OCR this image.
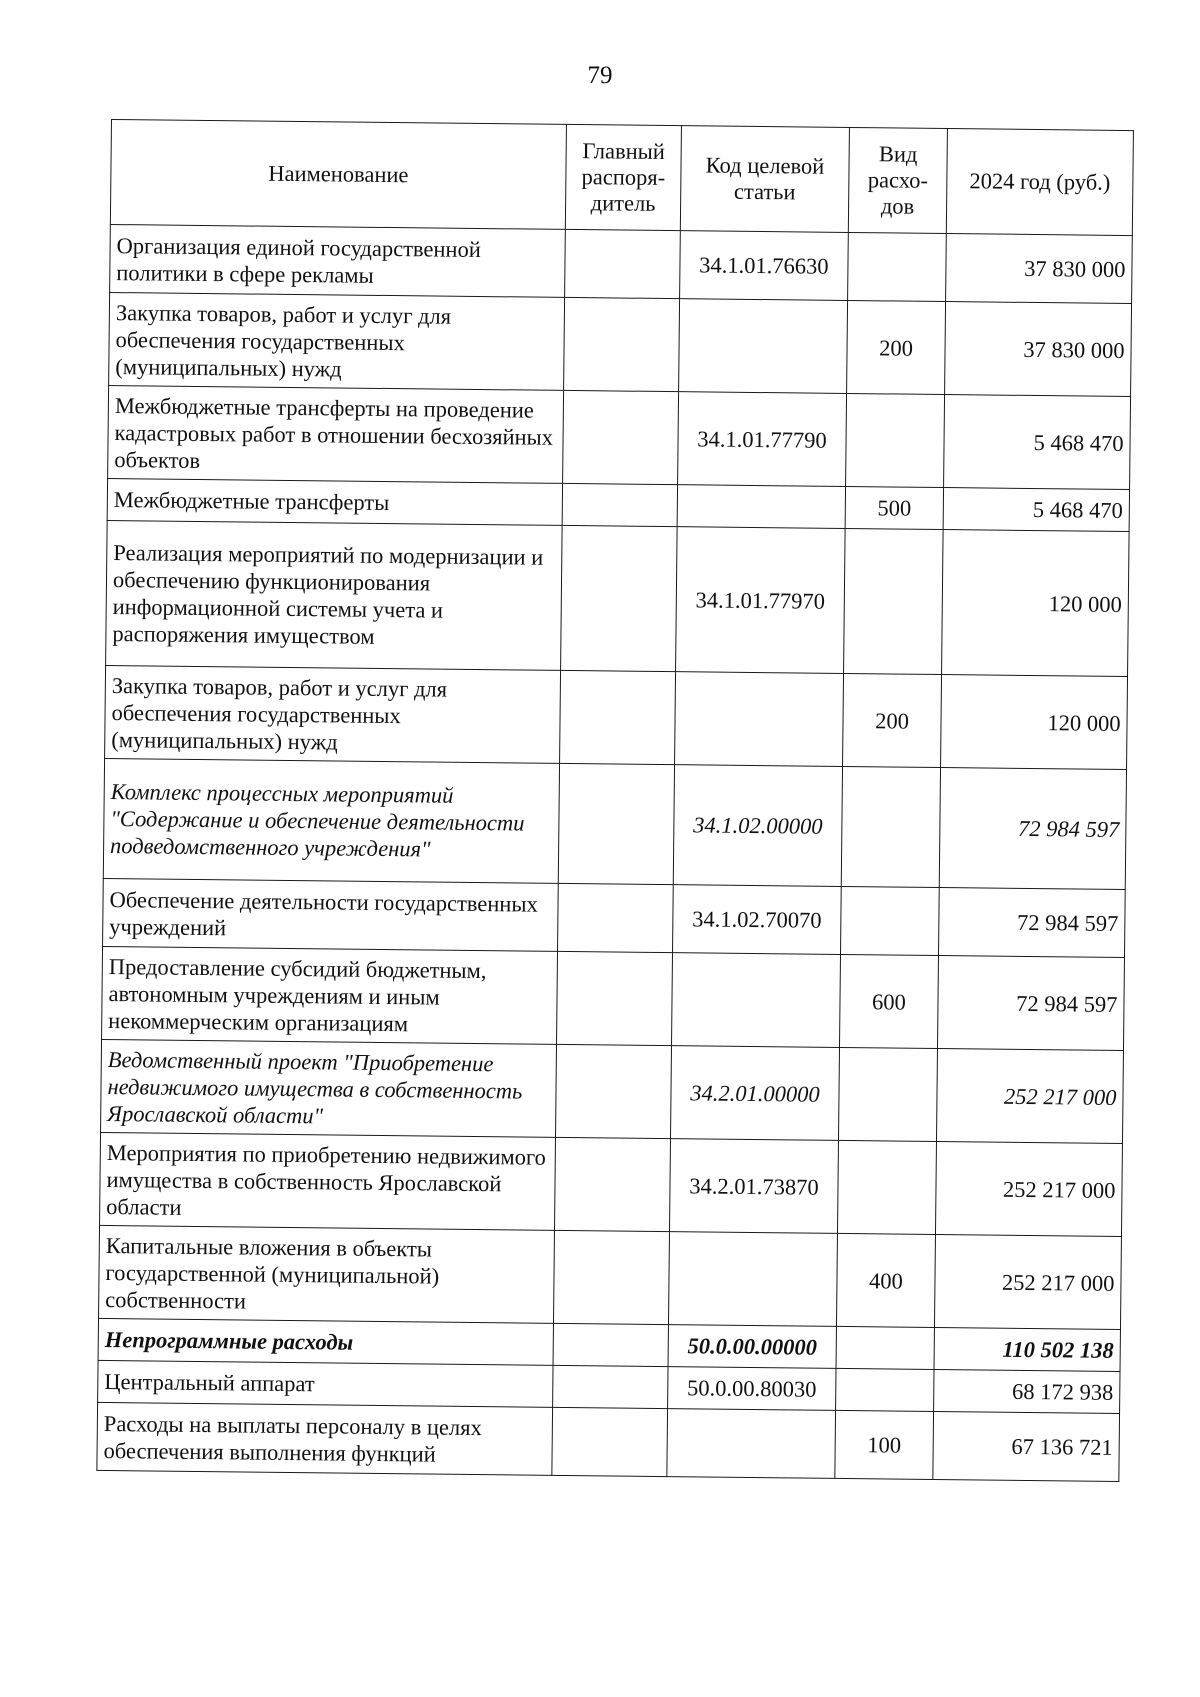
79
Наименование	Главный распоря-дитель	Код целевой статьи	Вид расхо-дов	2024 год (руб.)
Организация единой государственной политики в сфере рекламы		34.1.01.76630		37 830 000
Закупка товаров, работ и услуг для обеспечения государственных (муниципальных) нужд			200	37 830 000
Межбюджетные трансферты на проведение кадастровых работ в отношении бесхозяйных объектов		34.1.01.77790		5 468 470
Межбюджетные трансферты			500	5 468 470
Реализация мероприятий по модернизации и обеспечению функционирования информационной системы учета и распоряжения имуществом		34.1.01.77970		120 000
Закупка товаров, работ и услуг для обеспечения государственных (муниципальных) нужд			200	120 000
Комплекс процессных мероприятий "Содержание и обеспечение деятельности подведомственного учреждения"		34.1.02.00000		72 984 597
Обеспечение деятельности государственных учреждений		34.1.02.70070		72 984 597
Предоставление субсидий бюджетным, автономным учреждениям и иным некоммерческим организациям			600	72 984 597
Ведомственный проект "Приобретение недвижимого имущества в собственность Ярославской области"		34.2.01.00000		252 217 000
Мероприятия по приобретению недвижимого имущества в собственность Ярославской области		34.2.01.73870		252 217 000
Капитальные вложения в объекты государственной (муниципальной) собственности			400	252 217 000
Непрограммные расходы		50.0.00.00000		110 502 138
Центральный аппарат		50.0.00.80030		68 172 938
Расходы на выплаты персоналу в целях обеспечения выполнения функций			100	67 136 721
